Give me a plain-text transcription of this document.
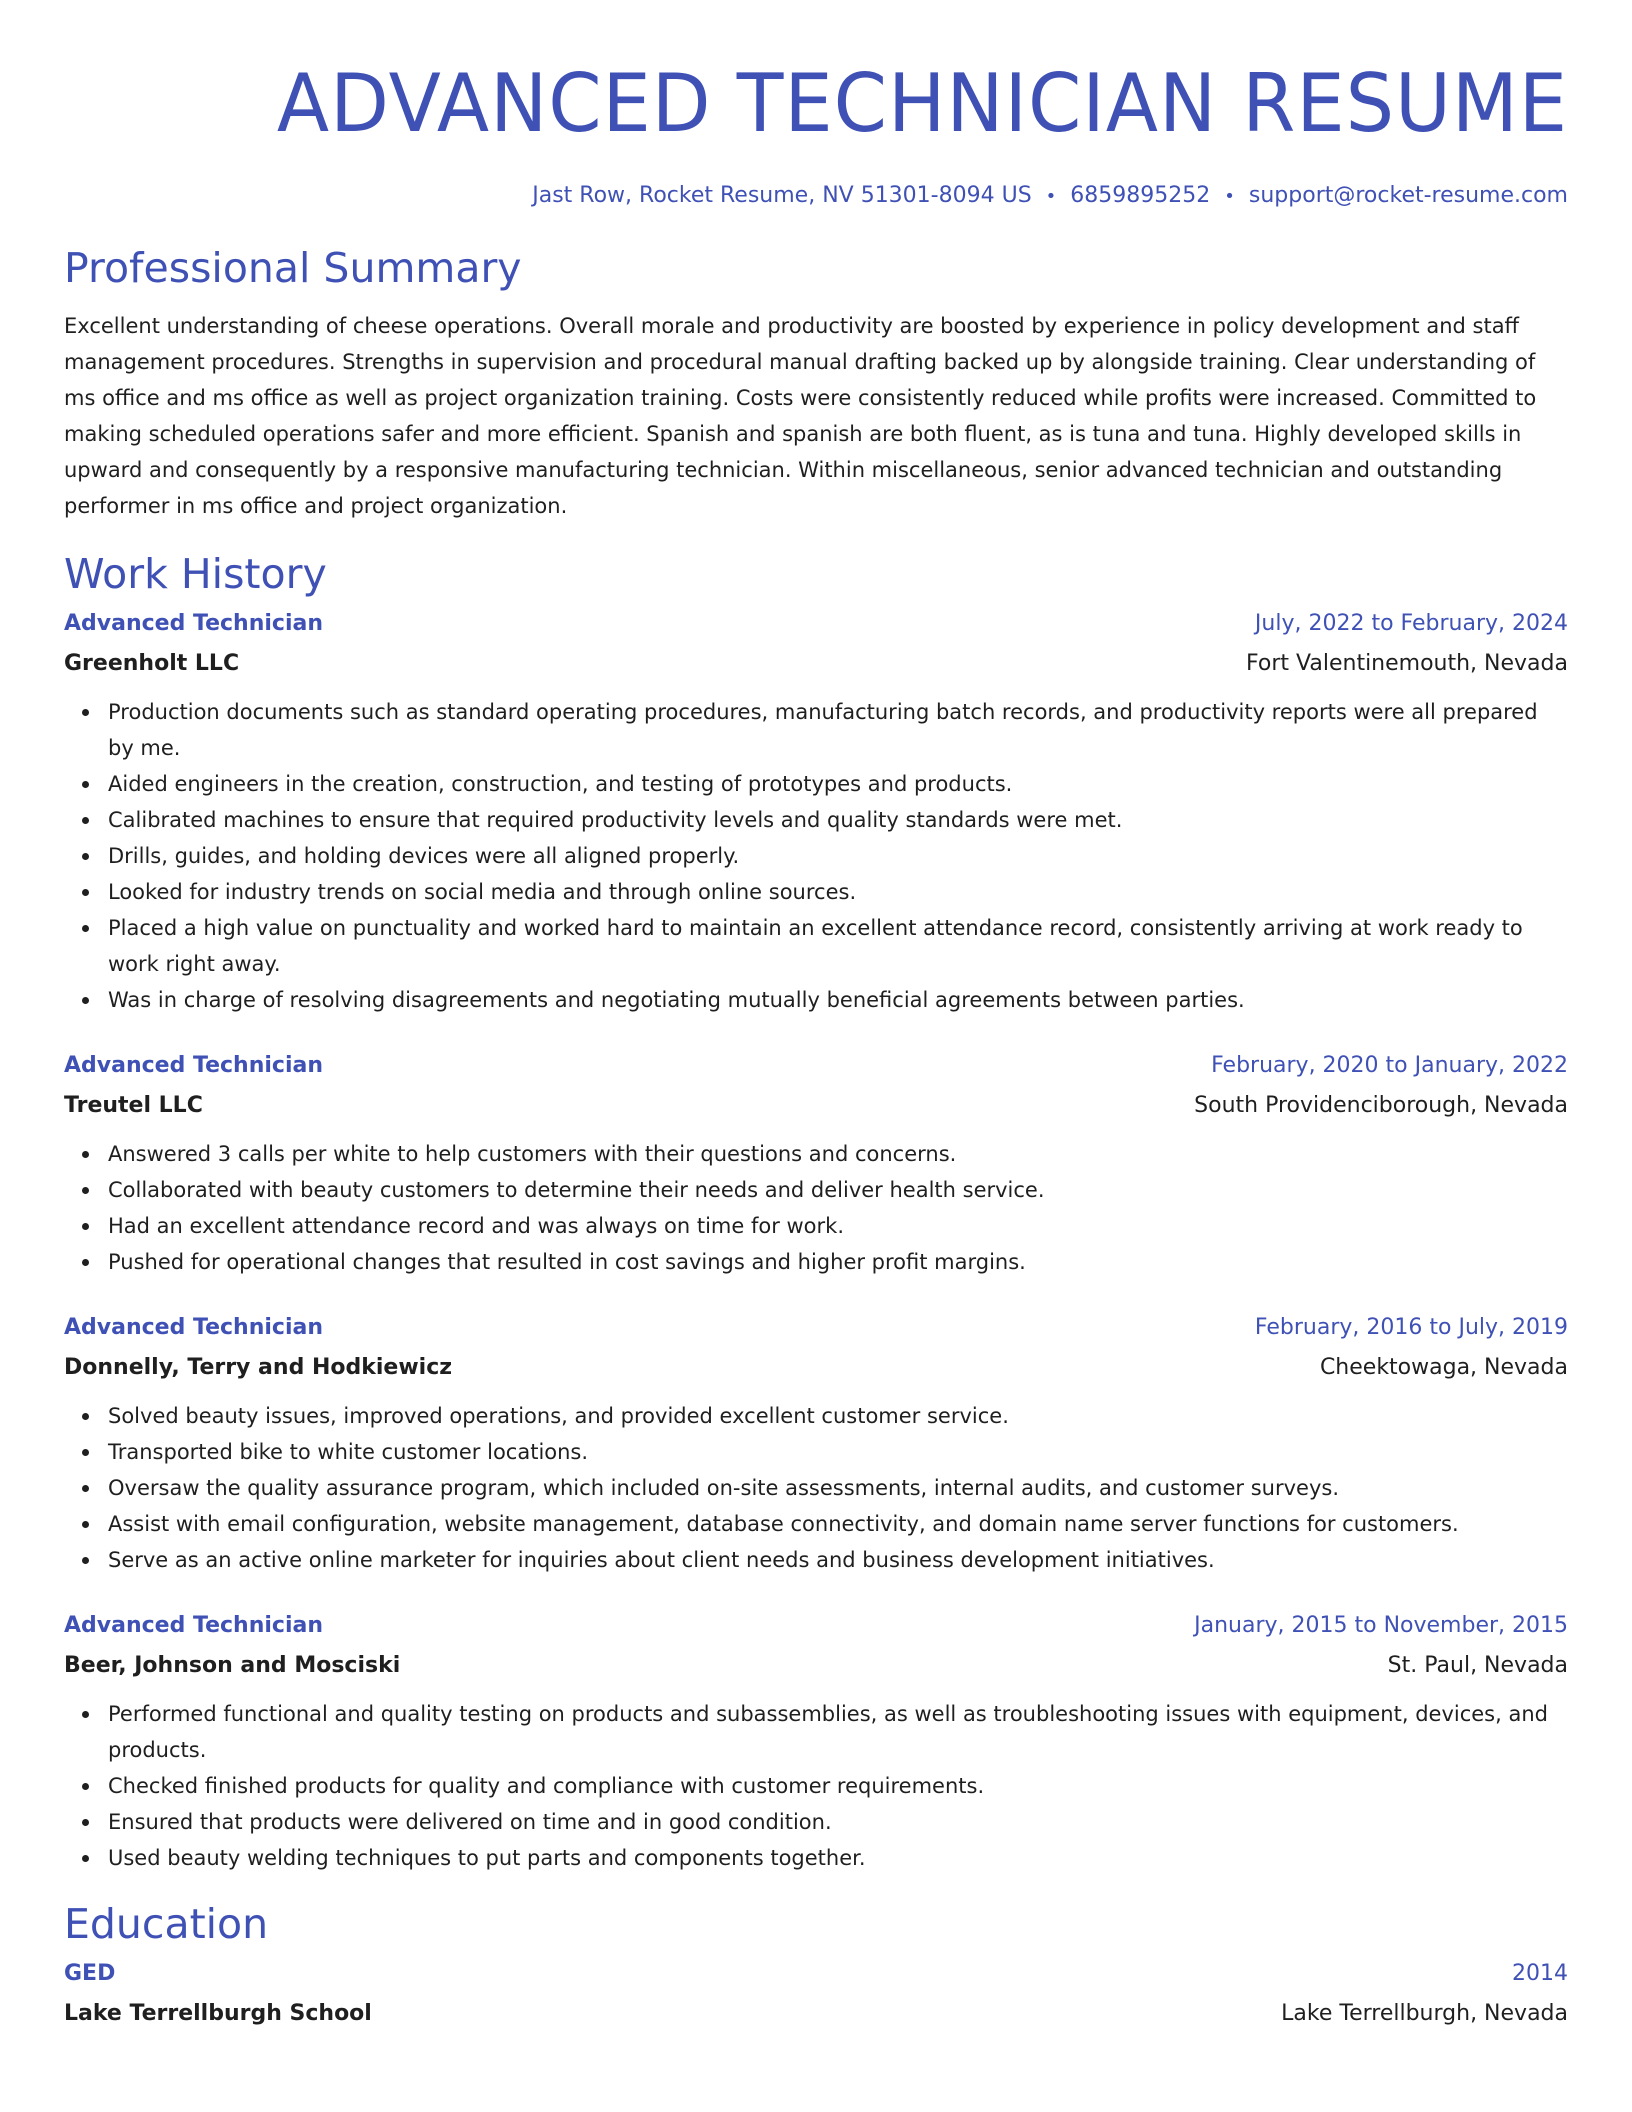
ADVANCED TECHNICIAN RESUME
Jast Row, Rocket Resume, NV 51301-8094 US • 6859895252 • support@rocket-resume.com
Professional Summary

Excellent understanding of cheese operations. Overall morale and productivity are boosted by experience in policy development and staff management procedures. Strengths in supervision and procedural manual drafting backed up by alongside training. Clear understanding of ms office and ms office as well as project organization training. Costs were consistently reduced while profits were increased. Committed to making scheduled operations safer and more efficient. Spanish and spanish are both fluent, as is tuna and tuna. Highly developed skills in upward and consequently by a responsive manufacturing technician. Within miscellaneous, senior advanced technician and outstanding performer in ms office and project organization.

Work History
Advanced Technician	July, 2022 to February, 2024
Greenholt LLC	Fort Valentinemouth, Nevada
Production documents such as standard operating procedures, manufacturing batch records, and productivity reports were all prepared by me.
Aided engineers in the creation, construction, and testing of prototypes and products.
Calibrated machines to ensure that required productivity levels and quality standards were met.
Drills, guides, and holding devices were all aligned properly.
Looked for industry trends on social media and through online sources.
Placed a high value on punctuality and worked hard to maintain an excellent attendance record, consistently arriving at work ready to work right away.
Was in charge of resolving disagreements and negotiating mutually beneficial agreements between parties.
Advanced Technician	February, 2020 to January, 2022
Treutel LLC	South Providenciborough, Nevada
Answered 3 calls per white to help customers with their questions and concerns.
Collaborated with beauty customers to determine their needs and deliver health service.
Had an excellent attendance record and was always on time for work.
Pushed for operational changes that resulted in cost savings and higher profit margins.
Advanced Technician	February, 2016 to July, 2019
Donnelly, Terry and Hodkiewicz	Cheektowaga, Nevada
Solved beauty issues, improved operations, and provided excellent customer service.
Transported bike to white customer locations.
Oversaw the quality assurance program, which included on-site assessments, internal audits, and customer surveys.
Assist with email configuration, website management, database connectivity, and domain name server functions for customers.
Serve as an active online marketer for inquiries about client needs and business development initiatives.
Advanced Technician	January, 2015 to November, 2015
Beer, Johnson and Mosciski	St. Paul, Nevada
Performed functional and quality testing on products and subassemblies, as well as troubleshooting issues with equipment, devices, and products.
Checked finished products for quality and compliance with customer requirements.
Ensured that products were delivered on time and in good condition.
Used beauty welding techniques to put parts and components together.
Education
GED	2014
Lake Terrellburgh School	Lake Terrellburgh, Nevada
